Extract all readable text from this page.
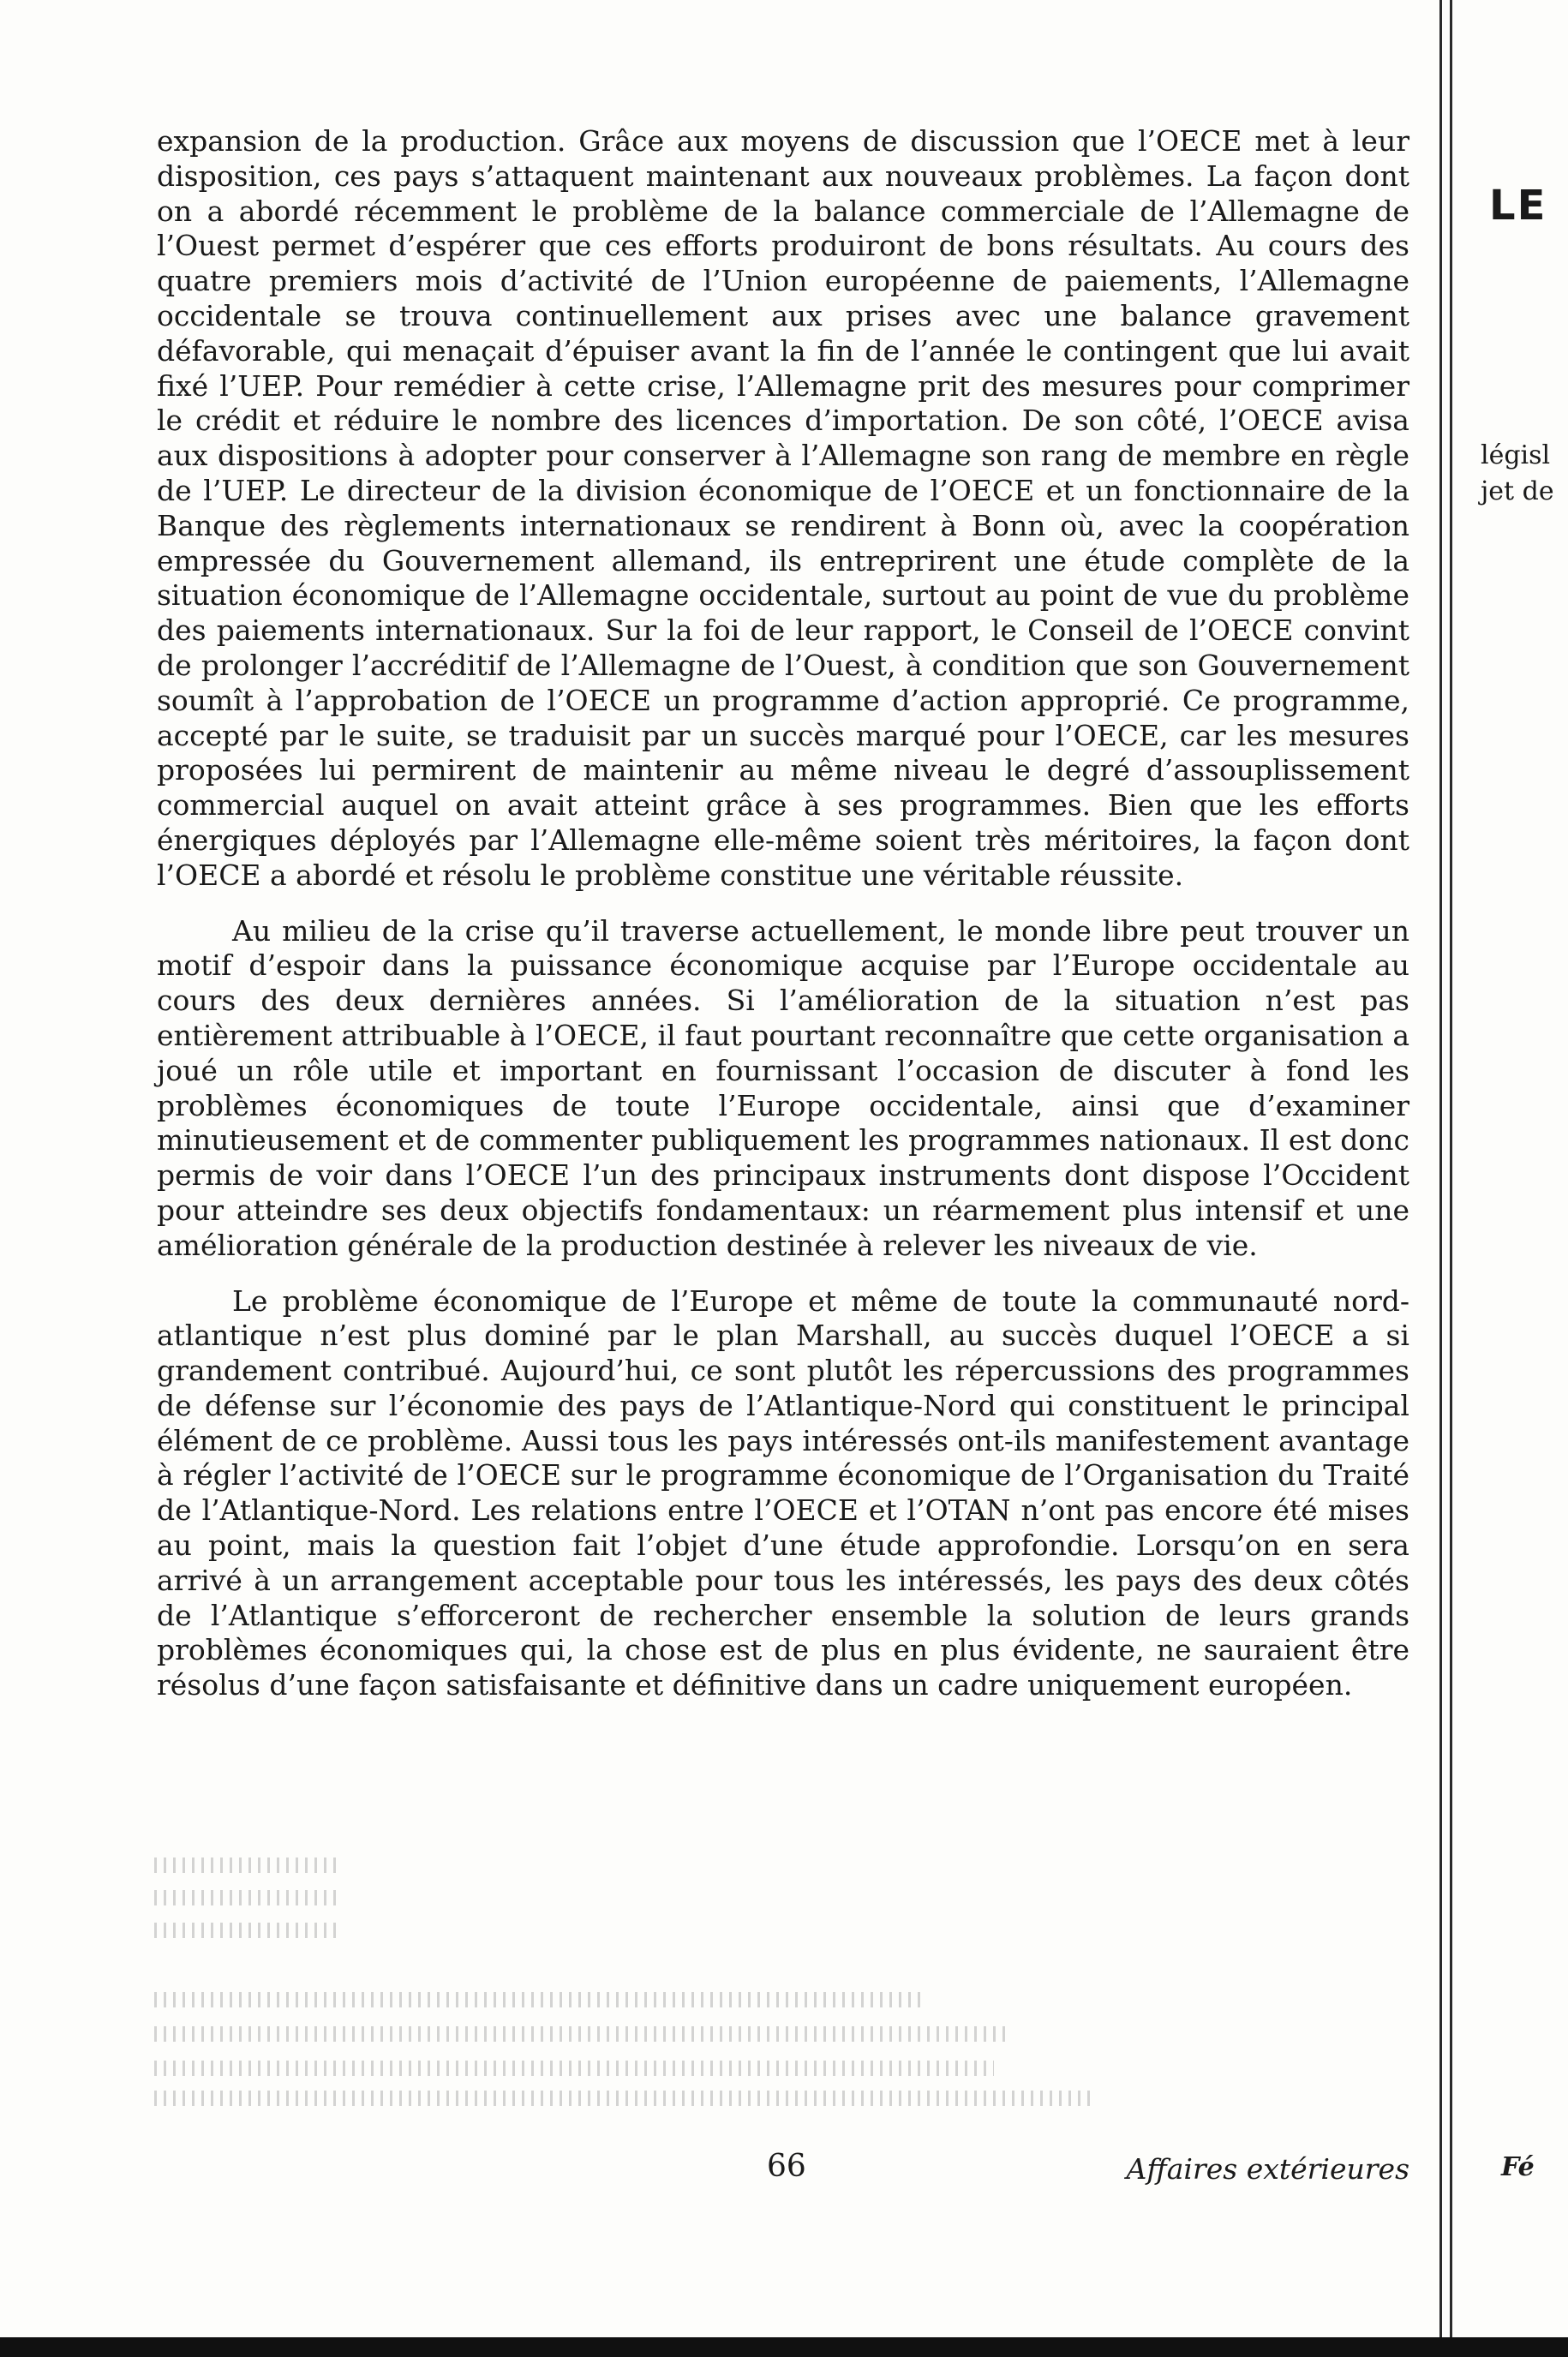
expansion de la production. Grâce aux moyens de discussion que l’OECE met à leur disposition, ces pays s’attaquent maintenant aux nouveaux problèmes. La façon dont on a abordé récemment le problème de la balance commerciale de l’Allemagne de l’Ouest permet d’espérer que ces efforts produiront de bons résultats. Au cours des quatre premiers mois d’activité de l’Union européenne de paiements, l’Allemagne occidentale se trouva continuellement aux prises avec une balance gravement défavorable, qui menaçait d’épuiser avant la fin de l’année le contingent que lui avait fixé l’UEP. Pour remédier à cette crise, l’Allemagne prit des mesures pour comprimer le crédit et réduire le nombre des licences d’importation. De son côté, l’OECE avisa aux dispositions à adopter pour conserver à l’Allemagne son rang de membre en règle de l’UEP. Le directeur de la division économique de l’OECE et un fonctionnaire de la Banque des règlements internationaux se rendirent à Bonn où, avec la coopération empressée du Gouvernement allemand, ils entreprirent une étude complète de la situation économique de l’Allemagne occidentale, surtout au point de vue du problème des paiements internationaux. Sur la foi de leur rapport, le Conseil de l’OECE convint de prolonger l’accréditif de l’Allemagne de l’Ouest, à condition que son Gouvernement soumît à l’approbation de l’OECE un programme d’action approprié. Ce programme, accepté par le suite, se traduisit par un succès marqué pour l’OECE, car les mesures proposées lui permirent de maintenir au même niveau le degré d’assouplissement commercial auquel on avait atteint grâce à ses programmes. Bien que les efforts énergiques déployés par l’Allemagne elle-même soient très méritoires, la façon dont l’OECE a abordé et résolu le problème constitue une véritable réussite.

Au milieu de la crise qu’il traverse actuellement, le monde libre peut trouver un motif d’espoir dans la puissance économique acquise par l’Europe occidentale au cours des deux dernières années. Si l’amélioration de la situation n’est pas entièrement attribuable à l’OECE, il faut pourtant reconnaître que cette organisation a joué un rôle utile et important en fournissant l’occasion de discuter à fond les problèmes économiques de toute l’Europe occidentale, ainsi que d’examiner minutieusement et de commenter publiquement les programmes nationaux. Il est donc permis de voir dans l’OECE l’un des principaux instruments dont dispose l’Occident pour atteindre ses deux objectifs fondamentaux: un réarmement plus intensif et une amélioration générale de la production destinée à relever les niveaux de vie.

Le problème économique de l’Europe et même de toute la communauté nord-atlantique n’est plus dominé par le plan Marshall, au succès duquel l’OECE a si grandement contribué. Aujourd’hui, ce sont plutôt les répercussions des programmes de défense sur l’économie des pays de l’Atlantique-Nord qui constituent le principal élément de ce problème. Aussi tous les pays intéressés ont-ils manifestement avantage à régler l’activité de l’OECE sur le programme économique de l’Organisation du Traité de l’Atlantique-Nord. Les relations entre l’OECE et l’OTAN n’ont pas encore été mises au point, mais la question fait l’objet d’une étude approfondie. Lorsqu’on en sera arrivé à un arrangement acceptable pour tous les intéressés, les pays des deux côtés de l’Atlantique s’efforceront de rechercher ensemble la solution de leurs grands problèmes économiques qui, la chose est de plus en plus évidente, ne sauraient être résolus d’une façon satisfaisante et définitive dans un cadre uniquement européen.

66	Affaires extérieures
LE
législ
jet de
Fé
